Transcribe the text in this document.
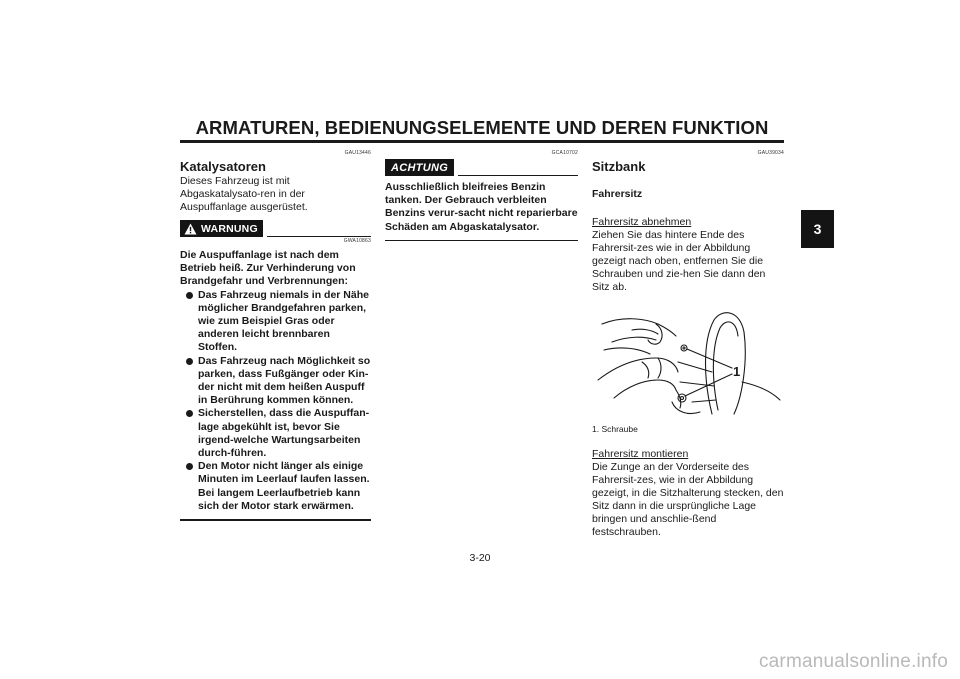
ARMATUREN, BEDIENUNGSELEMENTE UND DEREN FUNKTION
3
GAU13446
Katalysatoren
Dieses Fahrzeug ist mit Abgaskatalysato-ren in der Auspuffanlage ausgerüstet.
WARNUNG
GWA10863
Die Auspuffanlage ist nach dem Betrieb heiß. Zur Verhinderung von Brandgefahr und Verbrennungen:
Das Fahrzeug niemals in der Nähe möglicher Brandgefahren parken, wie zum Beispiel Gras oder anderen leicht brennbaren Stoffen.
Das Fahrzeug nach Möglichkeit so parken, dass Fußgänger oder Kin-der nicht mit dem heißen Auspuff in Berührung kommen können.
Sicherstellen, dass die Auspuffan-lage abgekühlt ist, bevor Sie irgend-welche Wartungsarbeiten durch-führen.
Den Motor nicht länger als einige Minuten im Leerlauf laufen lassen. Bei langem Leerlaufbetrieb kann sich der Motor stark erwärmen.
GCA10702
ACHTUNG
Ausschließlich bleifreies Benzin tanken. Der Gebrauch verbleiten Benzins verur-sacht nicht reparierbare Schäden am Abgaskatalysator.
GAU39034
Sitzbank
Fahrersitz
Fahrersitz abnehmen
Ziehen Sie das hintere Ende des Fahrersit-zes wie in der Abbildung gezeigt nach oben, entfernen Sie die Schrauben und zie-hen Sie dann den Sitz ab.
1
1. Schraube
Fahrersitz montieren
Die Zunge an der Vorderseite des Fahrersit-zes, wie in der Abbildung gezeigt, in die Sitzhalterung stecken, den Sitz dann in die ursprüngliche Lage bringen und anschlie-ßend festschrauben.
3-20
carmanualsonline.info
